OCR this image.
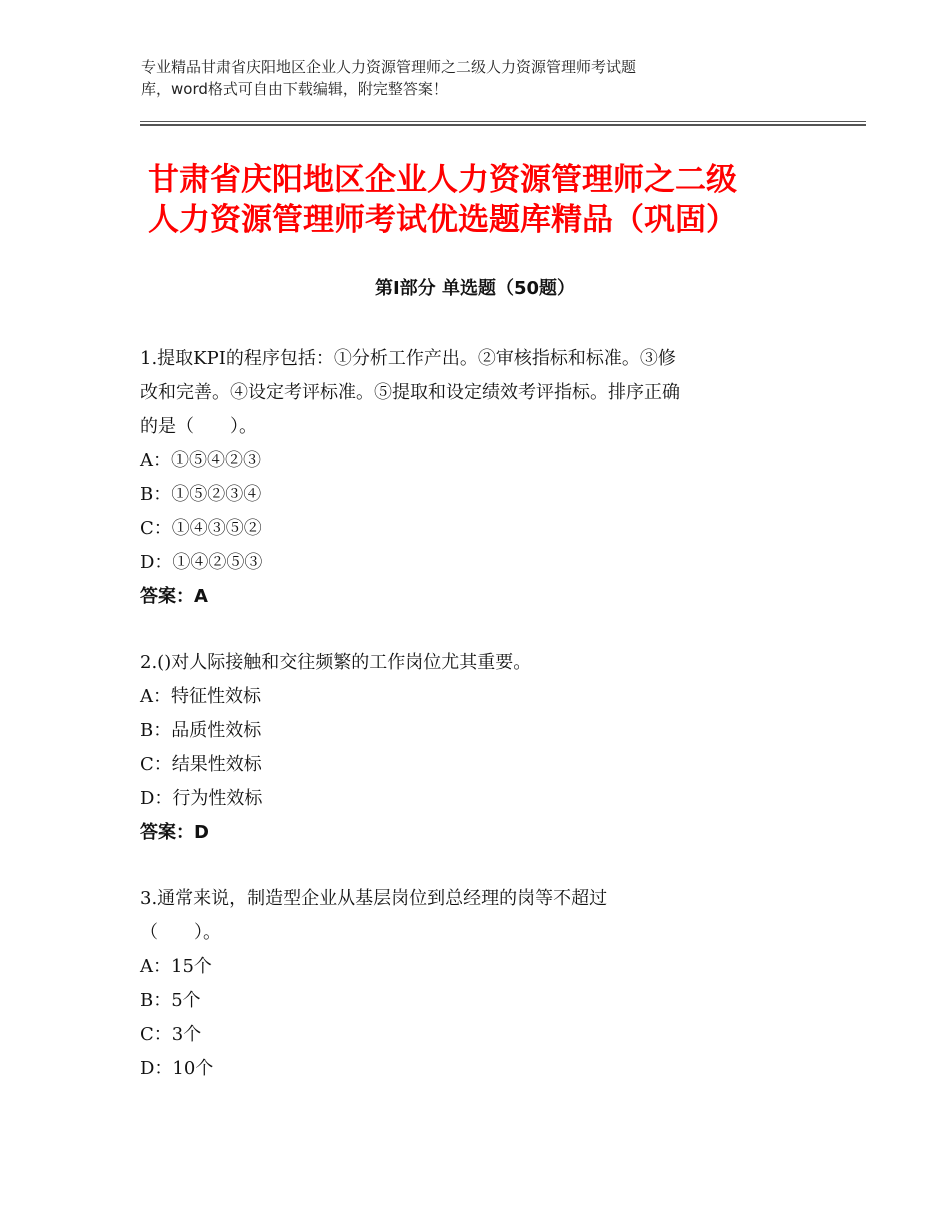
专业精品甘肃省庆阳地区企业人力资源管理师之二级人力资源管理师考试题
库，word格式可自由下载编辑，附完整答案！
甘肃省庆阳地区企业人力资源管理师之二级
人力资源管理师考试优选题库精品（巩固）
第Ⅰ部分 单选题（50题）
1.提取KPI的程序包括：①分析工作产出。②审核指标和标准。③修
改和完善。④设定考评标准。⑤提取和设定绩效考评指标。排序正确
的是（　　）。
A：①⑤④②③
B：①⑤②③④
C：①④③⑤②
D：①④②⑤③
答案：A
2.()对人际接触和交往频繁的工作岗位尤其重要。
A：特征性效标
B：品质性效标
C：结果性效标
D：行为性效标
答案：D
3.通常来说，制造型企业从基层岗位到总经理的岗等不超过
（　　）。
A：15个
B：5个
C：3个
D：10个
